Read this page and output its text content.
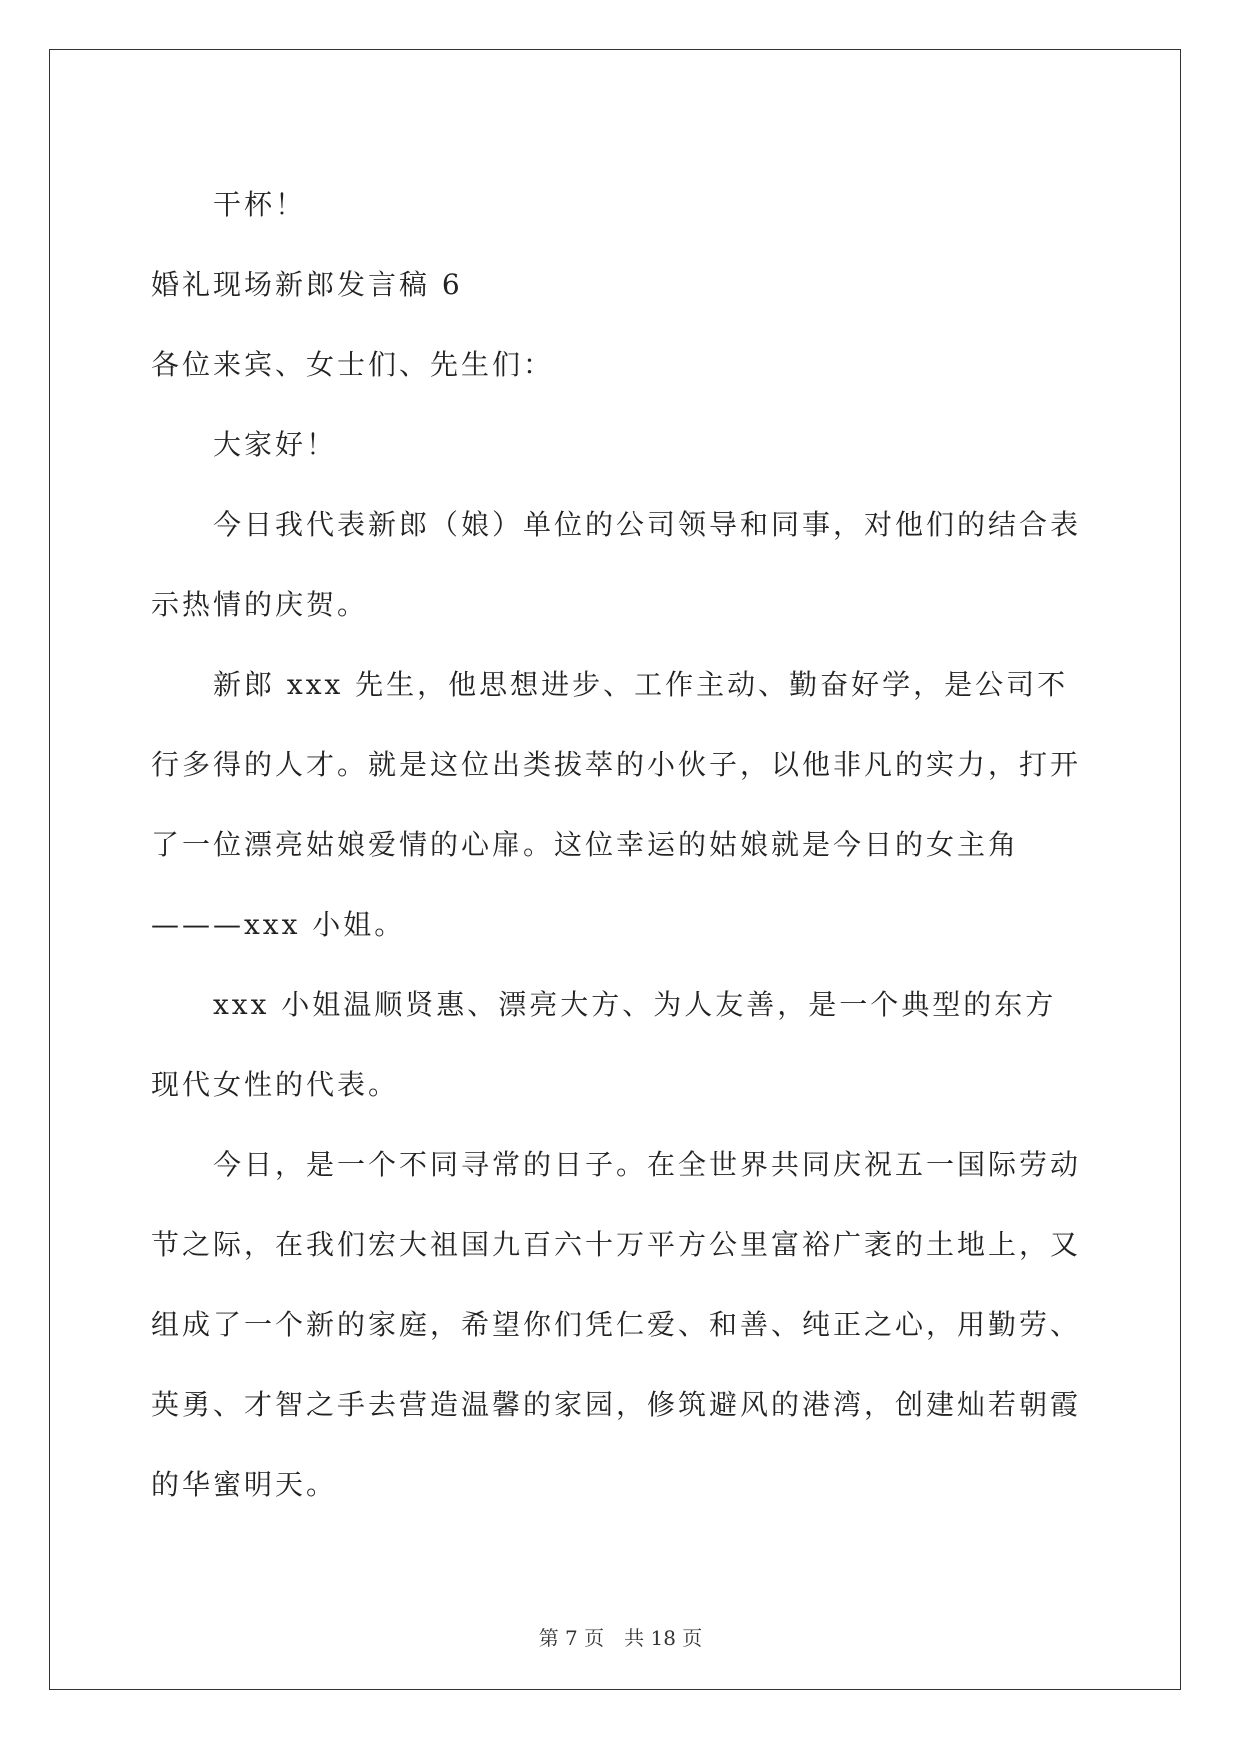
干杯！

婚礼现场新郎发言稿 6

各位来宾、女士们、先生们：

大家好！

今日我代表新郎（娘）单位的公司领导和同事，对他们的结合表示热情的庆贺。

新郎 xxx 先生，他思想进步、工作主动、勤奋好学，是公司不行多得的人才。就是这位出类拔萃的小伙子，以他非凡的实力，打开了一位漂亮姑娘爱情的心扉。这位幸运的姑娘就是今日的女主角———xxx 小姐。

xxx 小姐温顺贤惠、漂亮大方、为人友善，是一个典型的东方现代女性的代表。

今日，是一个不同寻常的日子。在全世界共同庆祝五一国际劳动节之际，在我们宏大祖国九百六十万平方公里富裕广袤的土地上，又组成了一个新的家庭，希望你们凭仁爱、和善、纯正之心，用勤劳、英勇、才智之手去营造温馨的家园，修筑避风的港湾，创建灿若朝霞的华蜜明天。

第 7 页　共 18 页
